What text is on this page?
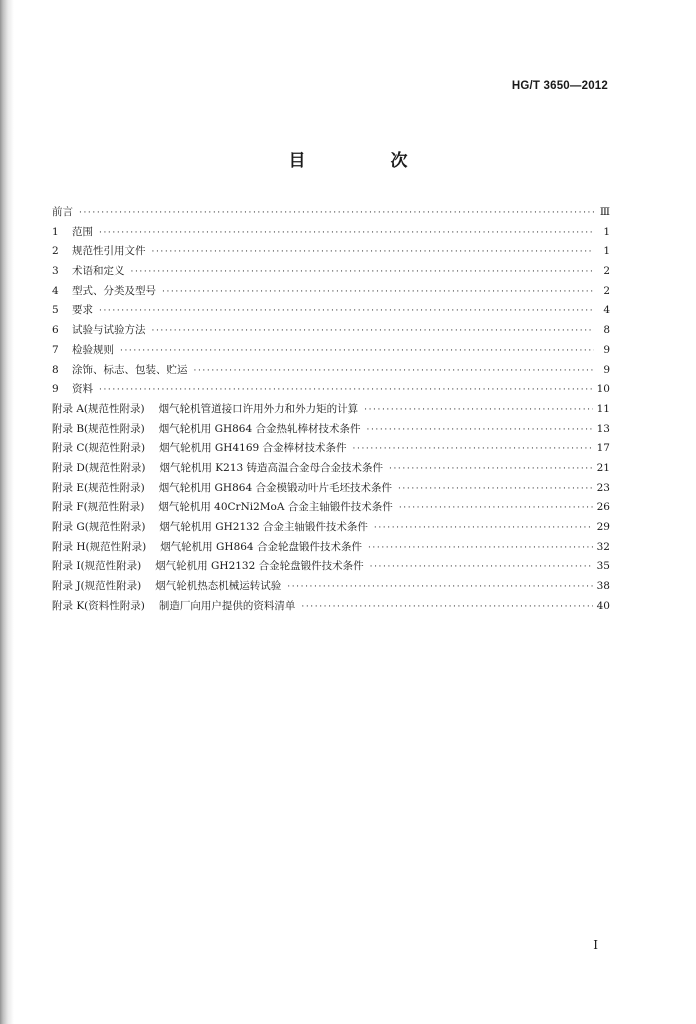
HG/T 3650—2012
目　次
前言 ·····	Ⅲ
1	范围 ·····	1
2	规范性引用文件 ·····	1
3	术语和定义 ·····	2
4	型式、分类及型号 ·····	2
5	要求 ·····	4
6	试验与试验方法 ·····	8
7	检验规则 ·····	9
8	涂饰、标志、包装、贮运 ·····	9
9	资料 ·····	10
附录 A(规范性附录) 烟气轮机管道接口许用外力和外力矩的计算 ·····	11
附录 B(规范性附录) 烟气轮机用 GH864 合金热轧棒材技术条件 ·····	13
附录 C(规范性附录) 烟气轮机用 GH4169 合金棒材技术条件 ·····	17
附录 D(规范性附录) 烟气轮机用 K213 铸造高温合金母合金技术条件 ·····	21
附录 E(规范性附录) 烟气轮机用 GH864 合金模锻动叶片毛坯技术条件 ·····	23
附录 F(规范性附录) 烟气轮机用 40CrNi2MoA 合金主轴锻件技术条件 ·····	26
附录 G(规范性附录) 烟气轮机用 GH2132 合金主轴锻件技术条件 ·····	29
附录 H(规范性附录) 烟气轮机用 GH864 合金轮盘锻件技术条件 ·····	32
附录 I(规范性附录) 烟气轮机用 GH2132 合金轮盘锻件技术条件 ·····	35
附录 J(规范性附录) 烟气轮机热态机械运转试验 ·····	38
附录 K(资料性附录) 制造厂向用户提供的资料清单 ·····	40
I
